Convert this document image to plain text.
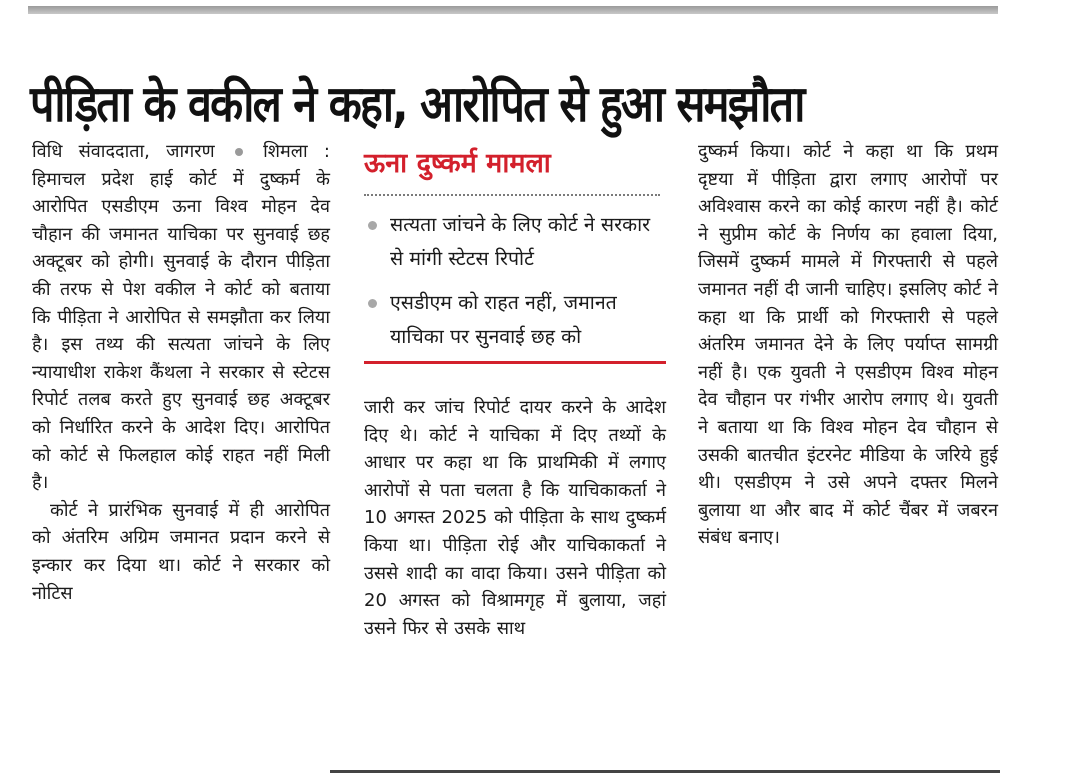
पीड़िता के वकील ने कहा, आरोपित से हुआ समझौता

विधि संवाददाता, जागरण	शिमला : हिमाचल प्रदेश हाई कोर्ट में दुष्कर्म के आरोपित एसडीएम ऊना विश्व मोहन देव चौहान की जमानत याचिका पर सुनवाई छह अक्टूबर को होगी। सुनवाई के दौरान पीड़िता की तरफ से पेश वकील ने कोर्ट को बताया कि पीड़िता ने आरोपित से समझौता कर लिया है। इस तथ्य की सत्यता जांचने के लिए न्यायाधीश राकेश कैंथला ने सरकार से स्टेटस रिपोर्ट तलब करते हुए सुनवाई छह अक्टूबर को निर्धारित करने के आदेश दिए। आरोपित को कोर्ट से फिलहाल कोई राहत नहीं मिली है।

कोर्ट ने प्रारंभिक सुनवाई में ही आरोपित को अंतरिम अग्रिम जमानत प्रदान करने से इन्कार कर दिया था। कोर्ट ने सरकार को नोटिस

ऊना दुष्कर्म मामला
सत्यता जांचने के लिए कोर्ट ने सरकार से मांगी स्टेटस रिपोर्ट
एसडीएम को राहत नहीं, जमानत याचिका पर सुनवाई छह को

जारी कर जांच रिपोर्ट दायर करने के आदेश दिए थे। कोर्ट ने याचिका में दिए तथ्यों के आधार पर कहा था कि प्राथमिकी में लगाए आरोपों से पता चलता है कि याचिकाकर्ता ने 10 अगस्त 2025 को पीड़िता के साथ दुष्कर्म किया था। पीड़िता रोई और याचिकाकर्ता ने उससे शादी का वादा किया। उसने पीड़िता को 20 अगस्त को विश्रामगृह में बुलाया, जहां उसने फिर से उसके साथ

दुष्कर्म किया। कोर्ट ने कहा था कि प्रथम दृष्टया में पीड़िता द्वारा लगाए आरोपों पर अविश्वास करने का कोई कारण नहीं है। कोर्ट ने सुप्रीम कोर्ट के निर्णय का हवाला दिया, जिसमें दुष्कर्म मामले में गिरफ्तारी से पहले जमानत नहीं दी जानी चाहिए। इसलिए कोर्ट ने कहा था कि प्रार्थी को गिरफ्तारी से पहले अंतरिम जमानत देने के लिए पर्याप्त सामग्री नहीं है। एक युवती ने एसडीएम विश्व मोहन देव चौहान पर गंभीर आरोप लगाए थे। युवती ने बताया था कि विश्व मोहन देव चौहान से उसकी बातचीत इंटरनेट मीडिया के जरिये हुई थी। एसडीएम ने उसे अपने दफ्तर मिलने बुलाया था और बाद में कोर्ट चैंबर में जबरन संबंध बनाए।
